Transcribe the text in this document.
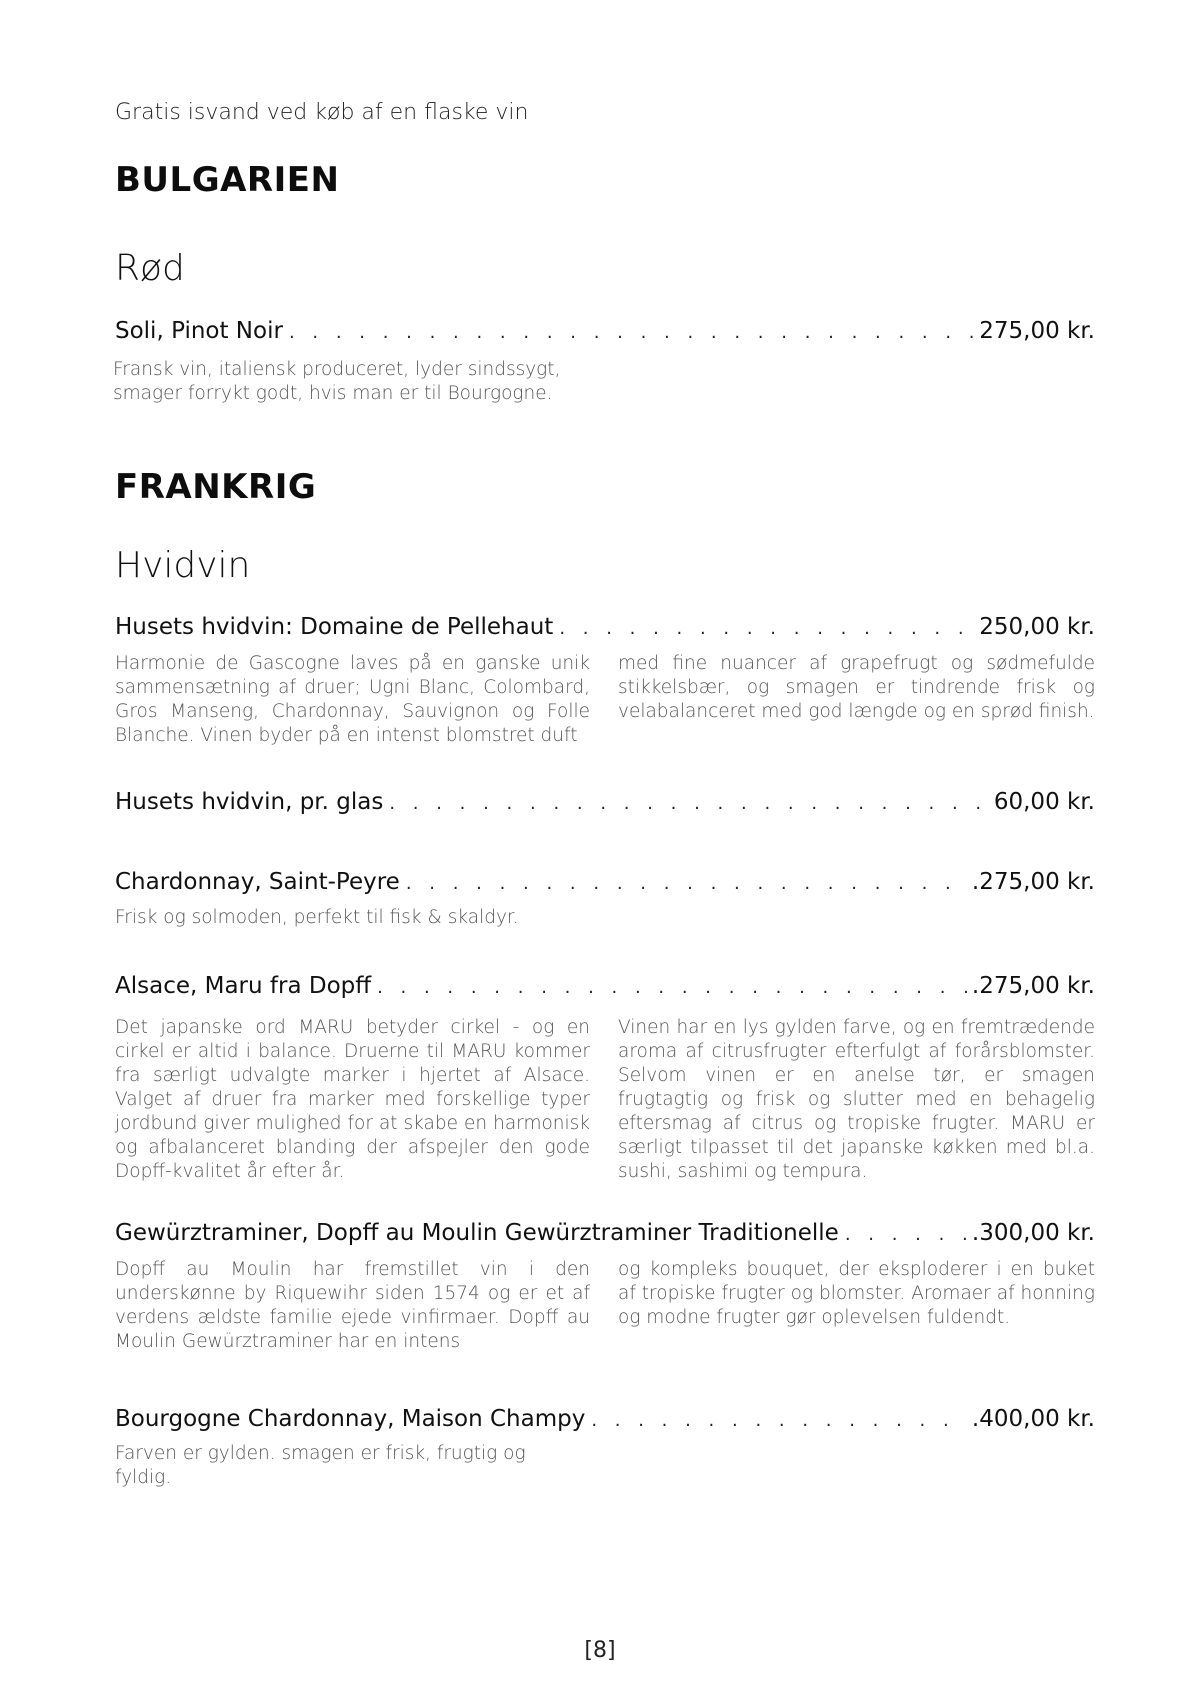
Gratis isvand ved køb af en flaske vin
BULGARIEN
Rød
Soli, Pinot Noir . . .	275,00 kr.
Fransk vin, italiensk produceret, lyder sindssygt,
smager forrykt godt, hvis man er til Bourgogne.
FRANKRIG
Hvidvin
Husets hvidvin: Domaine de Pellehaut . . .	250,00 kr.
Harmonie de Gascogne laves på en ganske unik sammensætning af druer; Ugni Blanc, Colombard, Gros Manseng, Chardonnay, Sauvignon og Folle Blanche. Vinen byder på en intenst blomstret duft
med fine nuancer af grapefrugt og sødmefulde stikkelsbær, og smagen er tindrende frisk og velabalanceret med god længde og en sprød finish.
Husets hvidvin, pr. glas . . .	60,00 kr.
Chardonnay, Saint-Peyre . . .	.275,00 kr.
Frisk og solmoden, perfekt til fisk & skaldyr.
Alsace, Maru fra Dopff . . .	.275,00 kr.
Det japanske ord MARU betyder cirkel - og en cirkel er altid i balance. Druerne til MARU kommer fra særligt udvalgte marker i hjertet af Alsace. Valget af druer fra marker med forskellige typer jordbund giver mulighed for at skabe en harmonisk og afbalanceret blanding der afspejler den gode Dopff-kvalitet år efter år.
Vinen har en lys gylden farve, og en fremtrædende aroma af citrusfrugter efterfulgt af forårsblomster. Selvom vinen er en anelse tør, er smagen frugtagtig og frisk og slutter med en behagelig eftersmag af citrus og tropiske frugter. MARU er særligt tilpasset til det japanske køkken med bl.a. sushi, sashimi og tempura.
Gewürztraminer, Dopff au Moulin Gewürztraminer Traditionelle . . .	.300,00 kr.
Dopff au Moulin har fremstillet vin i den underskønne by Riquewihr siden 1574 og er et af verdens ældste familie ejede vinfirmaer. Dopff au Moulin Gewürztraminer har en intens
og kompleks bouquet, der eksploderer i en buket af tropiske frugter og blomster. Aromaer af honning og modne frugter gør oplevelsen fuldendt.
Bourgogne Chardonnay, Maison Champy . . .	.400,00 kr.
Farven er gylden. smagen er frisk, frugtig og
fyldig.
[8]
